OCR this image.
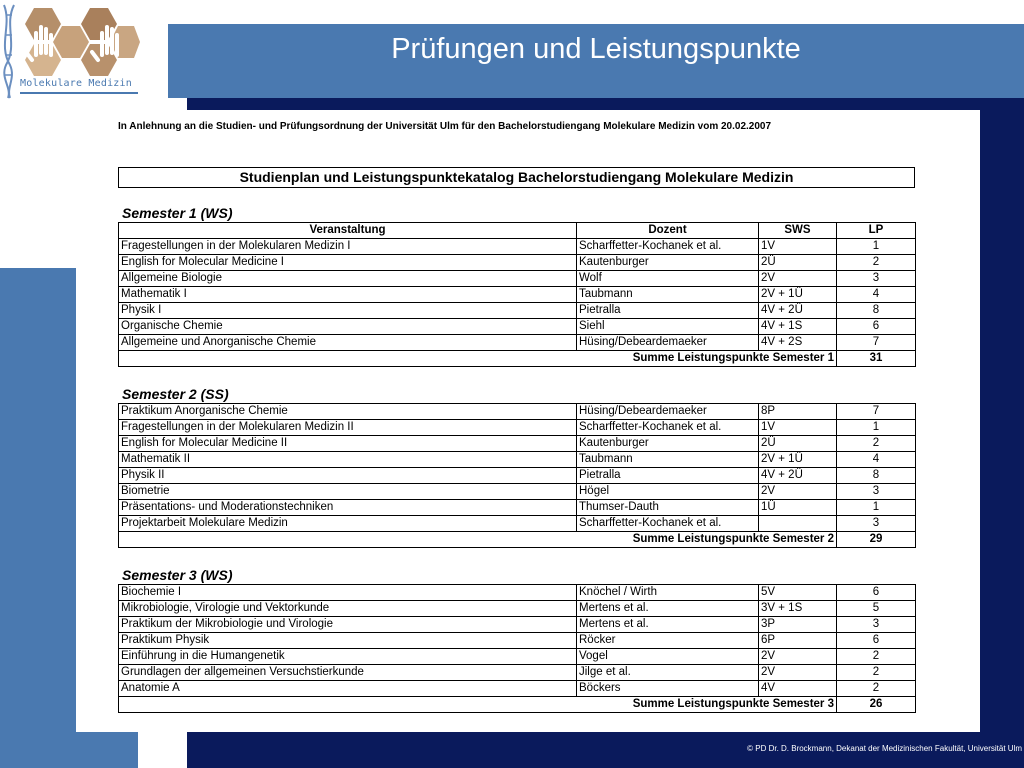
Prüfungen und Leistungspunkte
Molekulare Medizin
In Anlehnung an die Studien- und Prüfungsordnung der Universität Ulm für den Bachelorstudiengang Molekulare Medizin vom 20.02.2007
Studienplan und Leistungspunktekatalog Bachelorstudiengang Molekulare Medizin
Semester 1 (WS)
Veranstaltung	Dozent	SWS	LP
Fragestellungen in der Molekularen Medizin I	Scharffetter-Kochanek et al.	1V	1
English for Molecular Medicine I	Kautenburger	2Ü	2
Allgemeine Biologie	Wolf	2V	3
Mathematik I	Taubmann	2V + 1Ü	4
Physik I	Pietralla	4V + 2Ü	8
Organische Chemie	Siehl	4V + 1S	6
Allgemeine und Anorganische Chemie	Hüsing/Debeardemaeker	4V + 2S	7
Summe Leistungspunkte Semester 1			31
Semester 2 (SS)
Praktikum Anorganische Chemie	Hüsing/Debeardemaeker	8P	7
Fragestellungen in der Molekularen Medizin II	Scharffetter-Kochanek et al.	1V	1
English for Molecular Medicine II	Kautenburger	2Ü	2
Mathematik II	Taubmann	2V + 1Ü	4
Physik II	Pietralla	4V + 2Ü	8
Biometrie	Högel	2V	3
Präsentations- und Moderationstechniken	Thumser-Dauth	1Ü	1
Projektarbeit Molekulare Medizin	Scharffetter-Kochanek et al.		3
Summe Leistungspunkte Semester 2			29
Semester 3 (WS)
Biochemie I	Knöchel / Wirth	5V	6
Mikrobiologie, Virologie und Vektorkunde	Mertens et al.	3V + 1S	5
Praktikum der Mikrobiologie und Virologie	Mertens et al.	3P	3
Praktikum Physik	Röcker	6P	6
Einführung in die Humangenetik	Vogel	2V	2
Grundlagen der allgemeinen Versuchstierkunde	Jilge et al.	2V	2
Anatomie A	Böckers	4V	2
Summe Leistungspunkte Semester 3			26
© PD Dr. D. Brockmann, Dekanat der Medizinischen Fakultät, Universität Ulm
